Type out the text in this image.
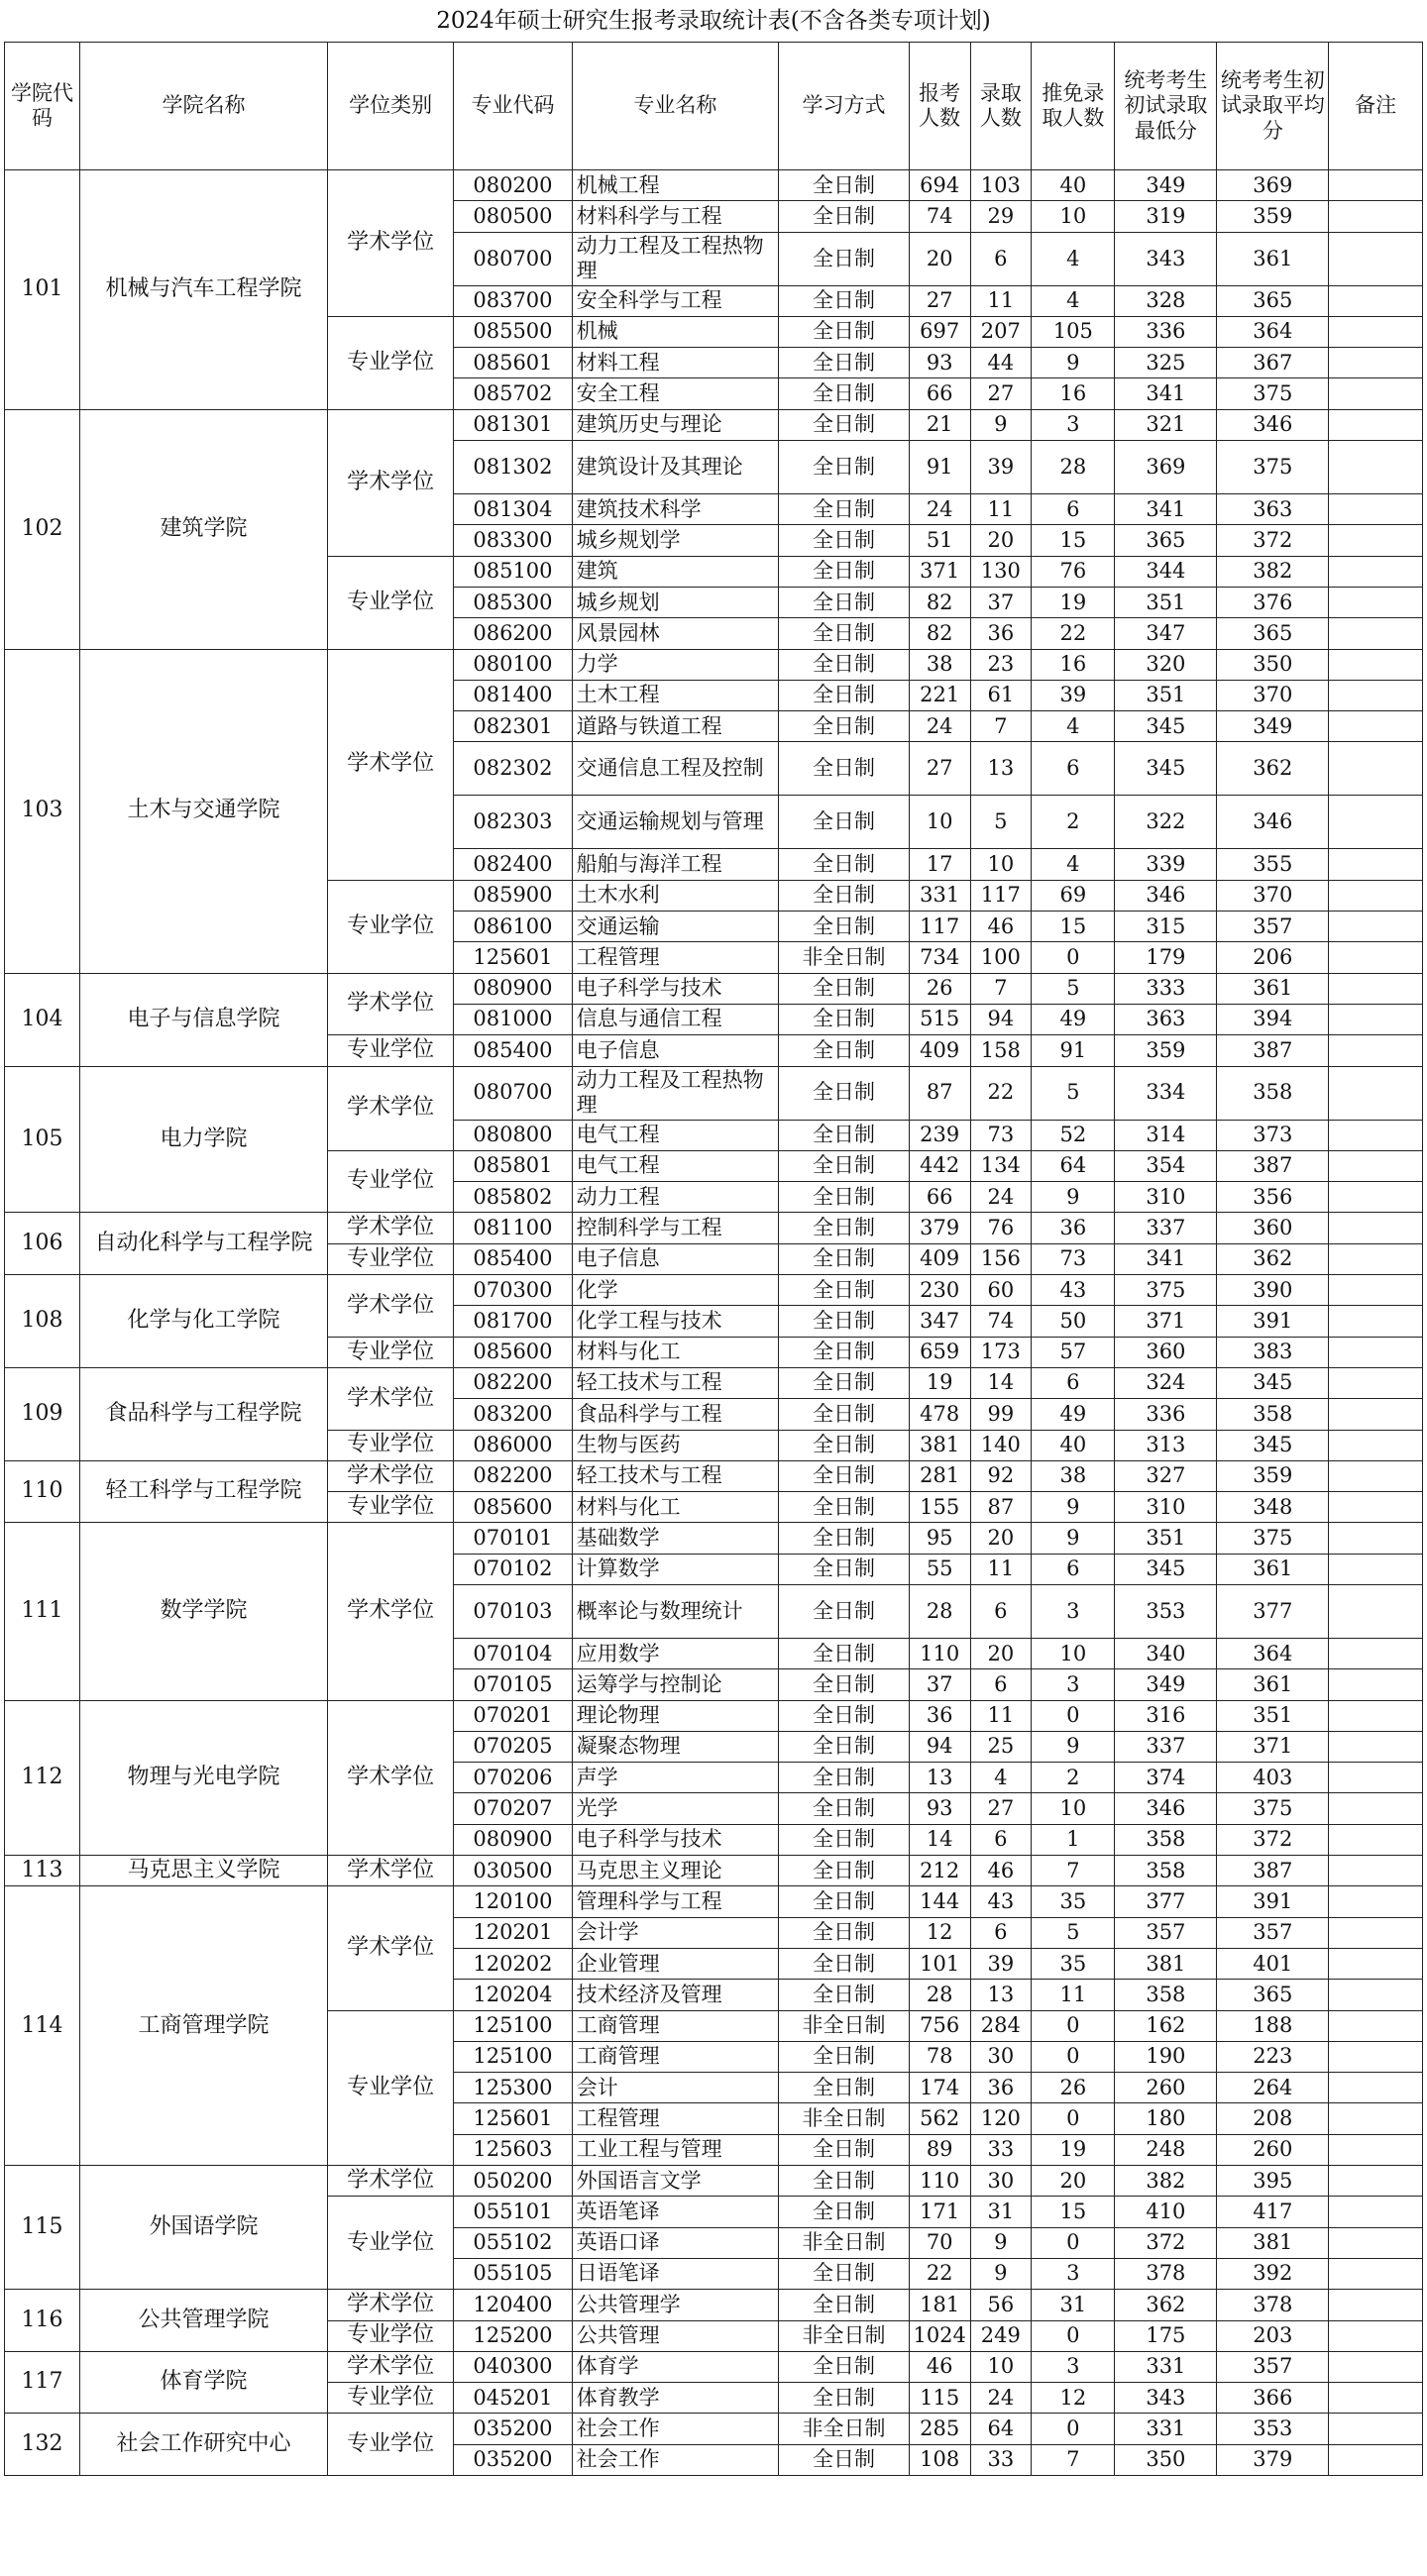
2024年硕士研究生报考录取统计表(不含各类专项计划)
学院代码	学院名称	学位类别	专业代码	专业名称	学习方式	报考人数	录取人数	推免录取人数	统考考生初试录取最低分	统考考生初试录取平均分	备注
101	机械与汽车工程学院	学术学位	080200	机械工程	全日制	694	103	40	349	369	
			080500	材料科学与工程	全日制	74	29	10	319	359	
			080700	动力工程及工程热物理	全日制	20	6	4	343	361	
			083700	安全科学与工程	全日制	27	11	4	328	365	
		专业学位	085500	机械	全日制	697	207	105	336	364	
			085601	材料工程	全日制	93	44	9	325	367	
			085702	安全工程	全日制	66	27	16	341	375	
102	建筑学院	学术学位	081301	建筑历史与理论	全日制	21	9	3	321	346	
			081302	建筑设计及其理论	全日制	91	39	28	369	375	
			081304	建筑技术科学	全日制	24	11	6	341	363	
			083300	城乡规划学	全日制	51	20	15	365	372	
		专业学位	085100	建筑	全日制	371	130	76	344	382	
			085300	城乡规划	全日制	82	37	19	351	376	
			086200	风景园林	全日制	82	36	22	347	365	
103	土木与交通学院	学术学位	080100	力学	全日制	38	23	16	320	350	
			081400	土木工程	全日制	221	61	39	351	370	
			082301	道路与铁道工程	全日制	24	7	4	345	349	
			082302	交通信息工程及控制	全日制	27	13	6	345	362	
			082303	交通运输规划与管理	全日制	10	5	2	322	346	
			082400	船舶与海洋工程	全日制	17	10	4	339	355	
		专业学位	085900	土木水利	全日制	331	117	69	346	370	
			086100	交通运输	全日制	117	46	15	315	357	
			125601	工程管理	非全日制	734	100	0	179	206	
104	电子与信息学院	学术学位	080900	电子科学与技术	全日制	26	7	5	333	361	
			081000	信息与通信工程	全日制	515	94	49	363	394	
		专业学位	085400	电子信息	全日制	409	158	91	359	387	
105	电力学院	学术学位	080700	动力工程及工程热物理	全日制	87	22	5	334	358	
			080800	电气工程	全日制	239	73	52	314	373	
		专业学位	085801	电气工程	全日制	442	134	64	354	387	
			085802	动力工程	全日制	66	24	9	310	356	
106	自动化科学与工程学院	学术学位	081100	控制科学与工程	全日制	379	76	36	337	360	
		专业学位	085400	电子信息	全日制	409	156	73	341	362	
108	化学与化工学院	学术学位	070300	化学	全日制	230	60	43	375	390	
			081700	化学工程与技术	全日制	347	74	50	371	391	
		专业学位	085600	材料与化工	全日制	659	173	57	360	383	
109	食品科学与工程学院	学术学位	082200	轻工技术与工程	全日制	19	14	6	324	345	
			083200	食品科学与工程	全日制	478	99	49	336	358	
		专业学位	086000	生物与医药	全日制	381	140	40	313	345	
110	轻工科学与工程学院	学术学位	082200	轻工技术与工程	全日制	281	92	38	327	359	
		专业学位	085600	材料与化工	全日制	155	87	9	310	348	
111	数学学院	学术学位	070101	基础数学	全日制	95	20	9	351	375	
			070102	计算数学	全日制	55	11	6	345	361	
			070103	概率论与数理统计	全日制	28	6	3	353	377	
			070104	应用数学	全日制	110	20	10	340	364	
			070105	运筹学与控制论	全日制	37	6	3	349	361	
112	物理与光电学院	学术学位	070201	理论物理	全日制	36	11	0	316	351	
			070205	凝聚态物理	全日制	94	25	9	337	371	
			070206	声学	全日制	13	4	2	374	403	
			070207	光学	全日制	93	27	10	346	375	
			080900	电子科学与技术	全日制	14	6	1	358	372	
113	马克思主义学院	学术学位	030500	马克思主义理论	全日制	212	46	7	358	387	
114	工商管理学院	学术学位	120100	管理科学与工程	全日制	144	43	35	377	391	
			120201	会计学	全日制	12	6	5	357	357	
			120202	企业管理	全日制	101	39	35	381	401	
			120204	技术经济及管理	全日制	28	13	11	358	365	
		专业学位	125100	工商管理	非全日制	756	284	0	162	188	
			125100	工商管理	全日制	78	30	0	190	223	
			125300	会计	全日制	174	36	26	260	264	
			125601	工程管理	非全日制	562	120	0	180	208	
			125603	工业工程与管理	全日制	89	33	19	248	260	
115	外国语学院	学术学位	050200	外国语言文学	全日制	110	30	20	382	395	
		专业学位	055101	英语笔译	全日制	171	31	15	410	417	
			055102	英语口译	非全日制	70	9	0	372	381	
			055105	日语笔译	全日制	22	9	3	378	392	
116	公共管理学院	学术学位	120400	公共管理学	全日制	181	56	31	362	378	
		专业学位	125200	公共管理	非全日制	1024	249	0	175	203	
117	体育学院	学术学位	040300	体育学	全日制	46	10	3	331	357	
		专业学位	045201	体育教学	全日制	115	24	12	343	366	
132	社会工作研究中心	专业学位	035200	社会工作	非全日制	285	64	0	331	353	
			035200	社会工作	全日制	108	33	7	350	379	
